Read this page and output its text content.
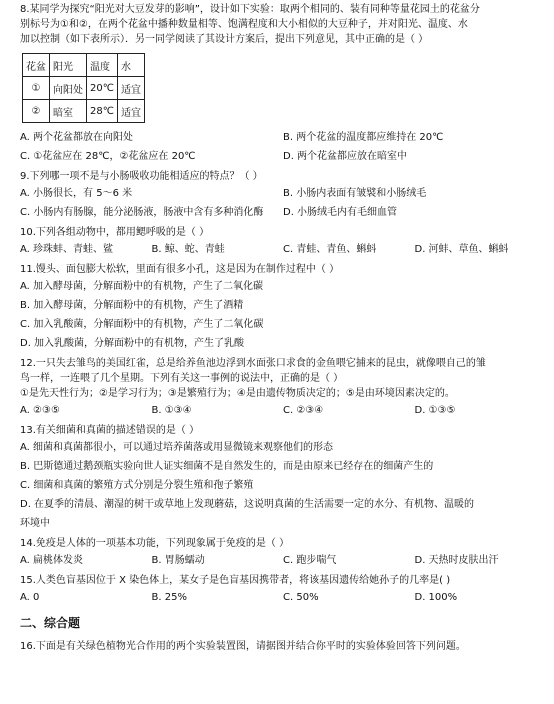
8.某同学为探究“阳光对大豆发芽的影响”，设计如下实验：取两个相同的、装有同种等量花园土的花盆分
别标号为①和②，在两个花盆中播种数量相等、饱满程度和大小相似的大豆种子，并对阳光、温度、水
加以控制（如下表所示）．另一同学阅读了其设计方案后，提出下列意见，其中正确的是（ ）
花盆	阳光	温度	水
①	向阳处	20℃	适宜
②	暗室	28℃	适宜
A. 两个花盆都放在向阳处	B. 两个花盆的温度都应维持在 20℃
C. ①花盆应在 28℃，②花盆应在 20℃	D. 两个花盆都应放在暗室中
9.下列哪一项不是与小肠吸收功能相适应的特点？（ ）
A. 小肠很长，有 5～6 米	B. 小肠内表面有皱襞和小肠绒毛
C. 小肠内有肠腺，能分泌肠液，肠液中含有多种消化酶	D. 小肠绒毛内有毛细血管
10.下列各组动物中，都用鳃呼吸的是（ ）
A. 珍珠蚌、青蛙、鲨	B. 鲸、蛇、青蛙	C. 青蛙、青鱼、蝌蚪	D. 河蚌、草鱼、蝌蚪
11.馒头、面包膨大松软，里面有很多小孔，这是因为在制作过程中（ ）
A. 加入酵母菌，分解面粉中的有机物，产生了二氧化碳
B. 加入酵母菌，分解面粉中的有机物，产生了酒精
C. 加入乳酸菌，分解面粉中的有机物，产生了二氧化碳
D. 加入乳酸菌，分解面粉中的有机物，产生了乳酸
12.一只失去雏鸟的美国红雀，总是给养鱼池边浮到水面张口求食的金鱼喂它捕来的昆虫，就像喂自己的雏
鸟一样，一连喂了几个星期。下列有关这一事例的说法中，正确的是（ ）
①是先天性行为；②是学习行为；③是繁殖行为；④是由遗传物质决定的；⑤是由环境因素决定的。
A. ②③⑤	B. ①③④	C. ②③④	D. ①③⑤
13.有关细菌和真菌的描述错误的是（ ）
A. 细菌和真菌都很小，可以通过培养菌落或用显微镜来观察他们的形态
B. 巴斯德通过鹅颈瓶实验向世人证实细菌不是自然发生的，而是由原来已经存在的细菌产生的
C. 细菌和真菌的繁殖方式分别是分裂生殖和孢子繁殖
D. 在夏季的清晨、潮湿的树干或草地上发现蘑菇，这说明真菌的生活需要一定的水分、有机物、温暖的
环境中
14.免疫是人体的一项基本功能，下列现象属于免疫的是（ ）
A. 扁桃体发炎	B. 胃肠蠕动	C. 跑步喘气	D. 天热时皮肤出汗
15.人类色盲基因位于 X 染色体上，某女子是色盲基因携带者，将该基因遗传给她孙子的几率是( )
A. 0	B. 25%	C. 50%	D. 100%
二、综合题
16.下面是有关绿色植物光合作用的两个实验装置图，请据图并结合你平时的实验体验回答下列问题。
